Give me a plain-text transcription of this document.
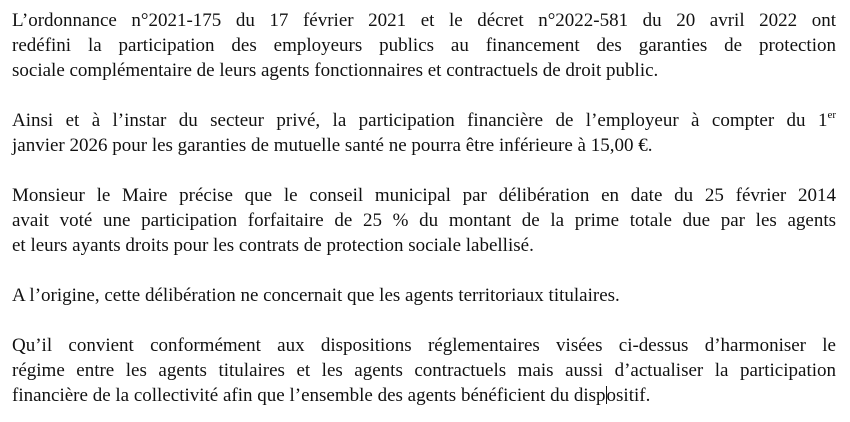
L’ordonnance n°2021-175 du 17 février 2021 et le décret n°2022-581 du 20 avril 2022 ont
redéfini la participation des employeurs publics au financement des garanties de protection
sociale complémentaire de leurs agents fonctionnaires et contractuels de droit public.

Ainsi et à l’instar du secteur privé, la participation financière de l’employeur à compter du 1er
janvier 2026 pour les garanties de mutuelle santé ne pourra être inférieure à 15,00 €.

Monsieur le Maire précise que le conseil municipal par délibération en date du 25 février 2014
avait voté une participation forfaitaire de 25 % du montant de la prime totale due par les agents
et leurs ayants droits pour les contrats de protection sociale labellisé.

A l’origine, cette délibération ne concernait que les agents territoriaux titulaires.

Qu’il convient conformément aux dispositions réglementaires visées ci-dessus d’harmoniser le
régime entre les agents titulaires et les agents contractuels mais aussi d’actualiser la participation
financière de la collectivité afin que l’ensemble des agents bénéficient du dispositif.
